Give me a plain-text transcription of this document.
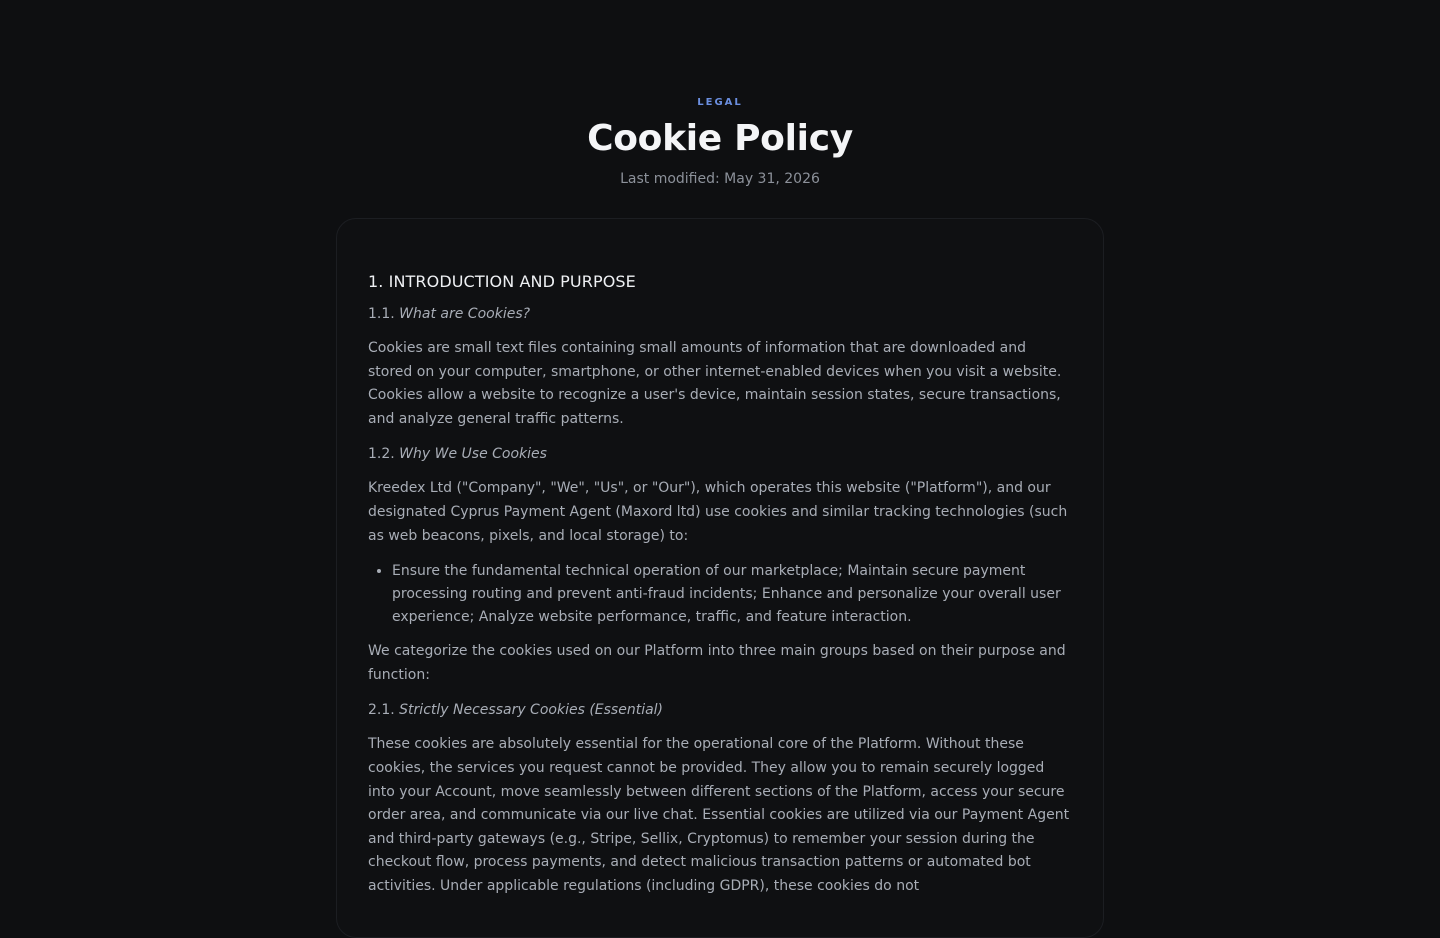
LEGAL

Cookie Policy

Last modified: May 31, 2026

1. INTRODUCTION AND PURPOSE

1.1. What are Cookies?

Cookies are small text files containing small amounts of information that are downloaded and stored on your computer, smartphone, or other internet-enabled devices when you visit a website. Cookies allow a website to recognize a user's device, maintain session states, secure transactions, and analyze general traffic patterns.

1.2. Why We Use Cookies

Kreedex Ltd ("Company", "We", "Us", or "Our"), which operates this website ("Platform"), and our designated Cyprus Payment Agent (Maxord ltd) use cookies and similar tracking technologies (such as web beacons, pixels, and local storage) to:

• Ensure the fundamental technical operation of our marketplace; Maintain secure payment processing routing and prevent anti-fraud incidents; Enhance and personalize your overall user experience; Analyze website performance, traffic, and feature interaction.

We categorize the cookies used on our Platform into three main groups based on their purpose and function:

2.1. Strictly Necessary Cookies (Essential)

These cookies are absolutely essential for the operational core of the Platform. Without these cookies, the services you request cannot be provided. They allow you to remain securely logged into your Account, move seamlessly between different sections of the Platform, access your secure order area, and communicate via our live chat. Essential cookies are utilized via our Payment Agent and third-party gateways (e.g., Stripe, Sellix, Cryptomus) to remember your session during the checkout flow, process payments, and detect malicious transaction patterns or automated bot activities. Under applicable regulations (including GDPR), these cookies do not
